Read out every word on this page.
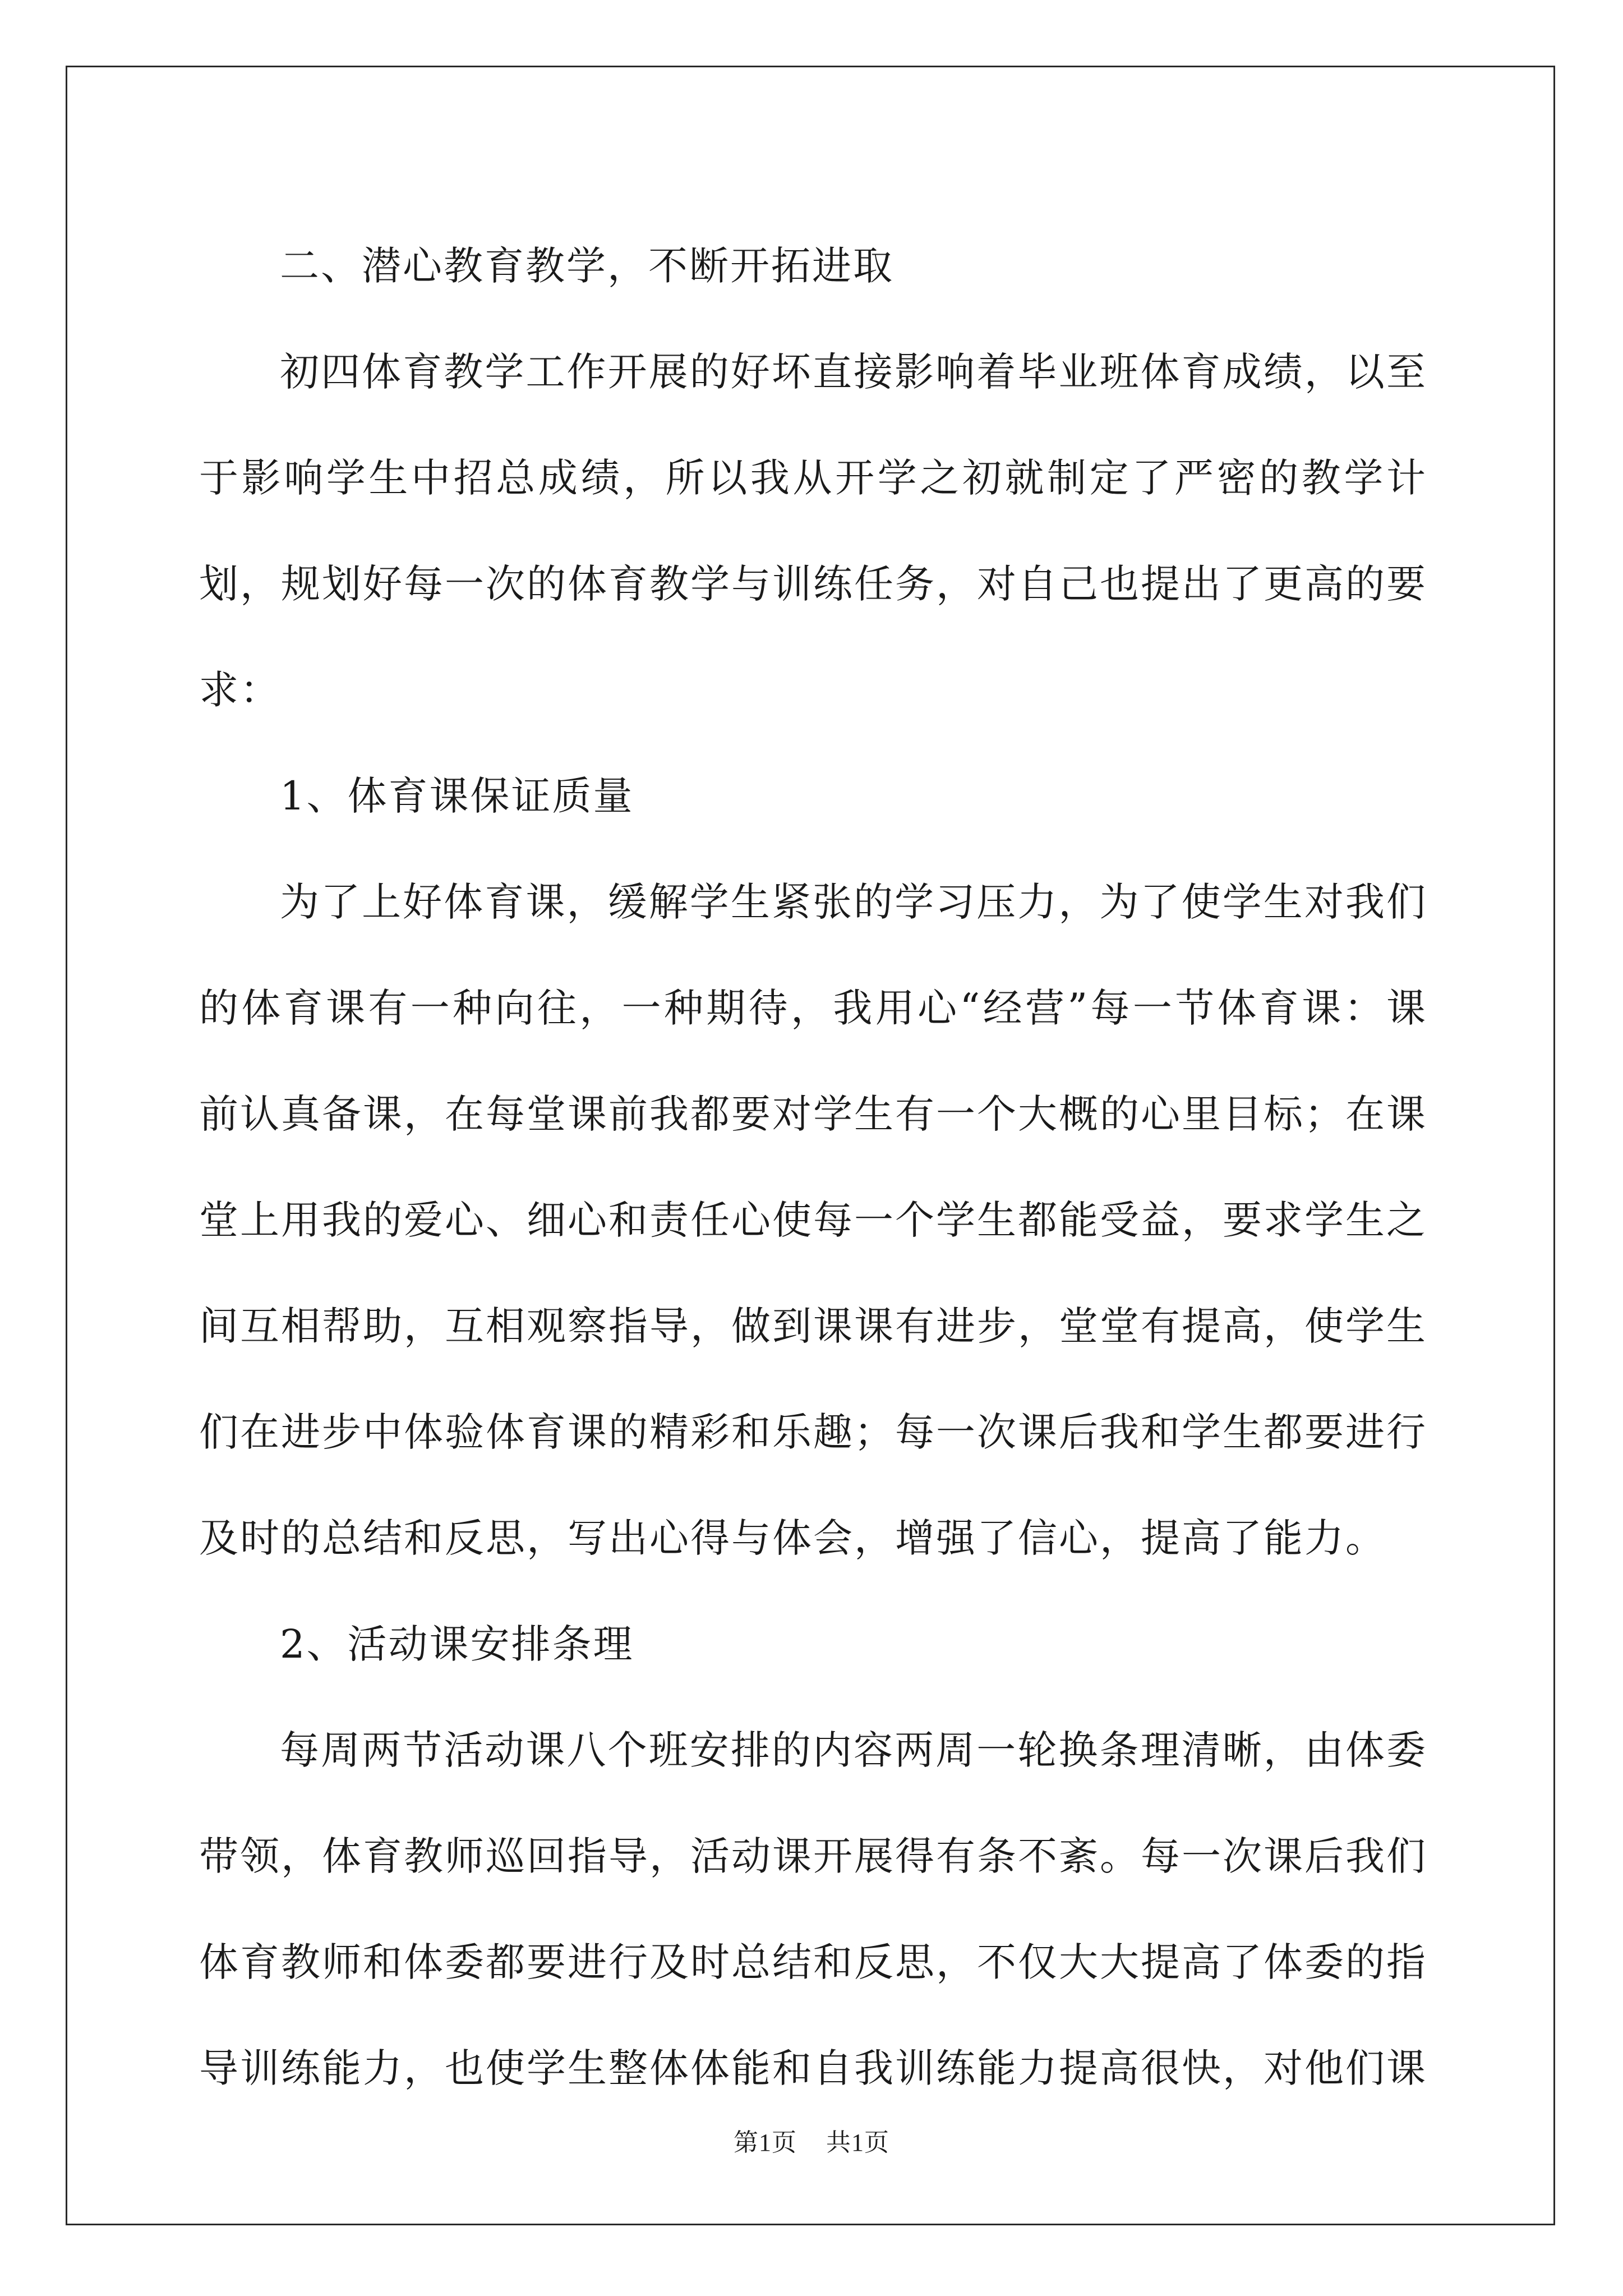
二、潜心教育教学，不断开拓进取

初四体育教学工作开展的好坏直接影响着毕业班体育成绩，以至于影响学生中招总成绩，所以我从开学之初就制定了严密的教学计划，规划好每一次的体育教学与训练任务，对自己也提出了更高的要求：

1、体育课保证质量

为了上好体育课，缓解学生紧张的学习压力，为了使学生对我们的体育课有一种向往，一种期待，我用心“经营”每一节体育课：课前认真备课，在每堂课前我都要对学生有一个大概的心里目标；在课堂上用我的爱心、细心和责任心使每一个学生都能受益，要求学生之间互相帮助，互相观察指导，做到课课有进步，堂堂有提高，使学生们在进步中体验体育课的精彩和乐趣；每一次课后我和学生都要进行及时的总结和反思，写出心得与体会，增强了信心，提高了能力。

2、活动课安排条理

每周两节活动课八个班安排的内容两周一轮换条理清晰，由体委带领，体育教师巡回指导，活动课开展得有条不紊。每一次课后我们体育教师和体委都要进行及时总结和反思，不仅大大提高了体委的指导训练能力，也使学生整体体能和自我训练能力提高很快，对他们课

第1页 共1页
